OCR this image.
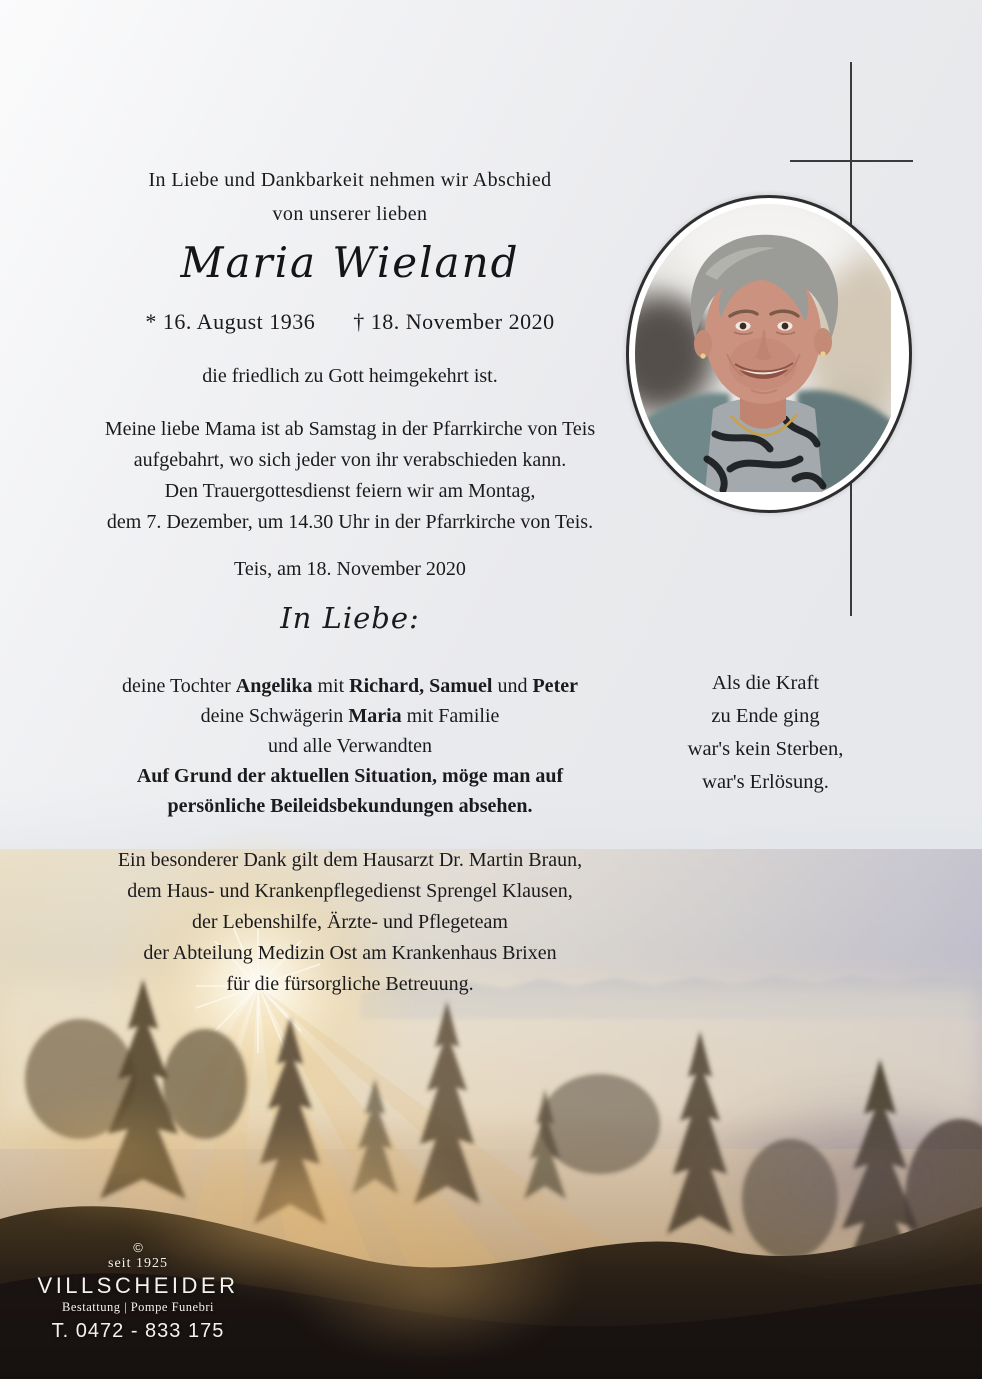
In Liebe und Dankbarkeit nehmen wir Abschied
von unserer lieben
Maria Wieland
* 16. August 1936 † 18. November 2020
die friedlich zu Gott heimgekehrt ist.
Meine liebe Mama ist ab Samstag in der Pfarrkirche von Teis
aufgebahrt, wo sich jeder von ihr verabschieden kann.
Den Trauergottesdienst feiern wir am Montag,
dem 7. Dezember, um 14.30 Uhr in der Pfarrkirche von Teis.
Teis, am 18. November 2020
In Liebe:
deine Tochter Angelika mit Richard, Samuel und Peter
deine Schwägerin Maria mit Familie
und alle Verwandten
Auf Grund der aktuellen Situation, möge man auf
persönliche Beileidsbekundungen absehen.
Ein besonderer Dank gilt dem Hausarzt Dr. Martin Braun,
dem Haus- und Krankenpflegedienst Sprengel Klausen,
der Lebenshilfe, Ärzte- und Pflegeteam
der Abteilung Medizin Ost am Krankenhaus Brixen
für die fürsorgliche Betreuung.
Als die Kraft
zu Ende ging
war's kein Sterben,
war's Erlösung.
©
seit 1925
VILLSCHEIDER
Bestattung | Pompe Funebri
T. 0472 - 833 175
